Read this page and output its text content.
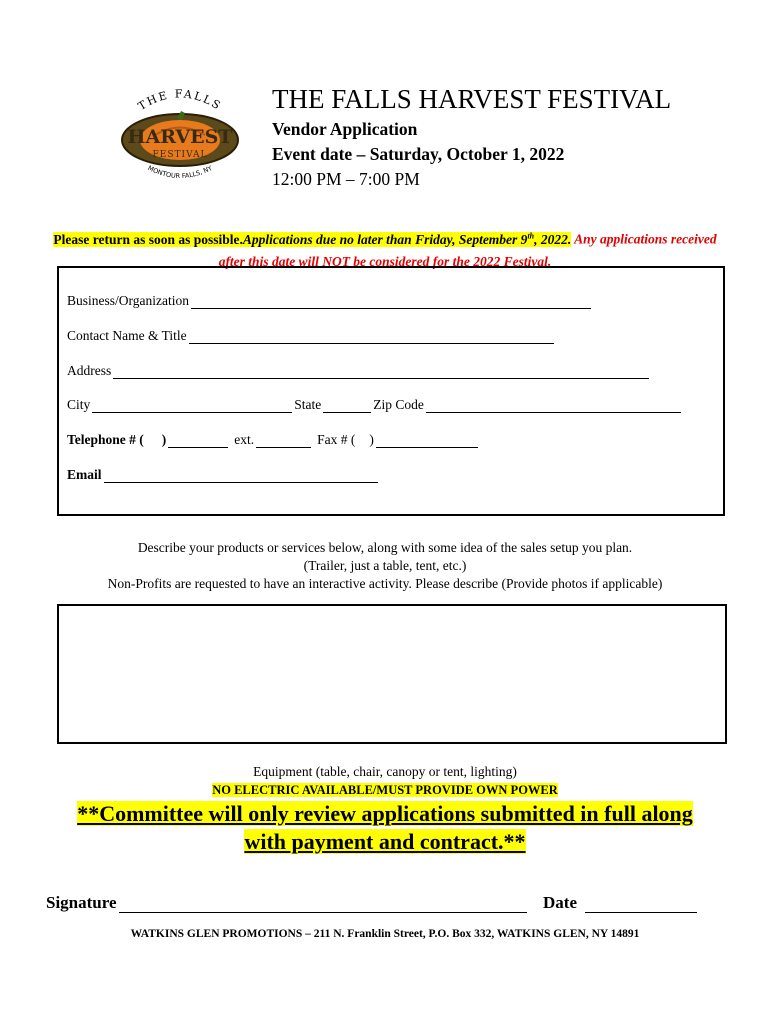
THE FALLS
HARVEST
FESTIVAL
MONTOUR FALLS, NY
THE FALLS HARVEST FESTIVAL
Vendor Application
Event date – Saturday, October 1, 2022
12:00 PM – 7:00 PM
Please return as soon as possible.Applications due no later than Friday, September 9th, 2022. Any applications received after this date will NOT be considered for the 2022 Festival.
Business/Organization
Contact Name & Title
Address
City	State	Zip Code
Telephone # ( )	ext.	Fax # ( )
Email
Describe your products or services below, along with some idea of the sales setup you plan.
(Trailer, just a table, tent, etc.)
Non-Profits are requested to have an interactive activity. Please describe (Provide photos if applicable)
Equipment (table, chair, canopy or tent, lighting)
NO ELECTRIC AVAILABLE/MUST PROVIDE OWN POWER
**Committee will only review applications submitted in full along
with payment and contract.**
Signature	Date
WATKINS GLEN PROMOTIONS – 211 N. Franklin Street, P.O. Box 332, WATKINS GLEN, NY 14891
